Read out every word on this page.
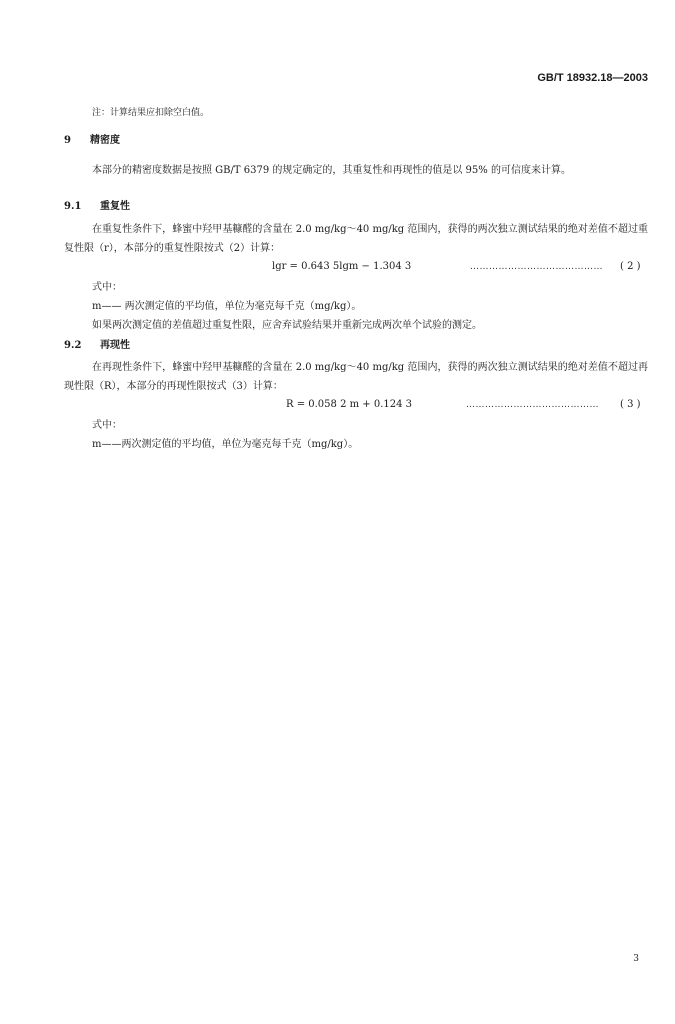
GB/T 18932.18—2003
注：计算结果应扣除空白值。
9 精密度
本部分的精密度数据是按照 GB/T 6379 的规定确定的，其重复性和再现性的值是以 95% 的可信度来计算。
9.1 重复性
在重复性条件下，蜂蜜中羟甲基糠醛的含量在 2.0 mg/kg～40 mg/kg 范围内，获得的两次独立测试结果的绝对差值不超过重复性限（r），本部分的重复性限按式（2）计算：
lgr = 0.643 5lgm − 1.304 3	…………………………………… ( 2 )
式中：
m—— 两次测定值的平均值，单位为毫克每千克（mg/kg）。
如果两次测定值的差值超过重复性限，应舍弃试验结果并重新完成两次单个试验的测定。
9.2 再现性
在再现性条件下，蜂蜜中羟甲基糠醛的含量在 2.0 mg/kg～40 mg/kg 范围内，获得的两次独立测试结果的绝对差值不超过再现性限（R），本部分的再现性限按式（3）计算：
R = 0.058 2 m + 0.124 3	…………………………………… ( 3 )
式中：
m——两次测定值的平均值，单位为毫克每千克（mg/kg）。
3
